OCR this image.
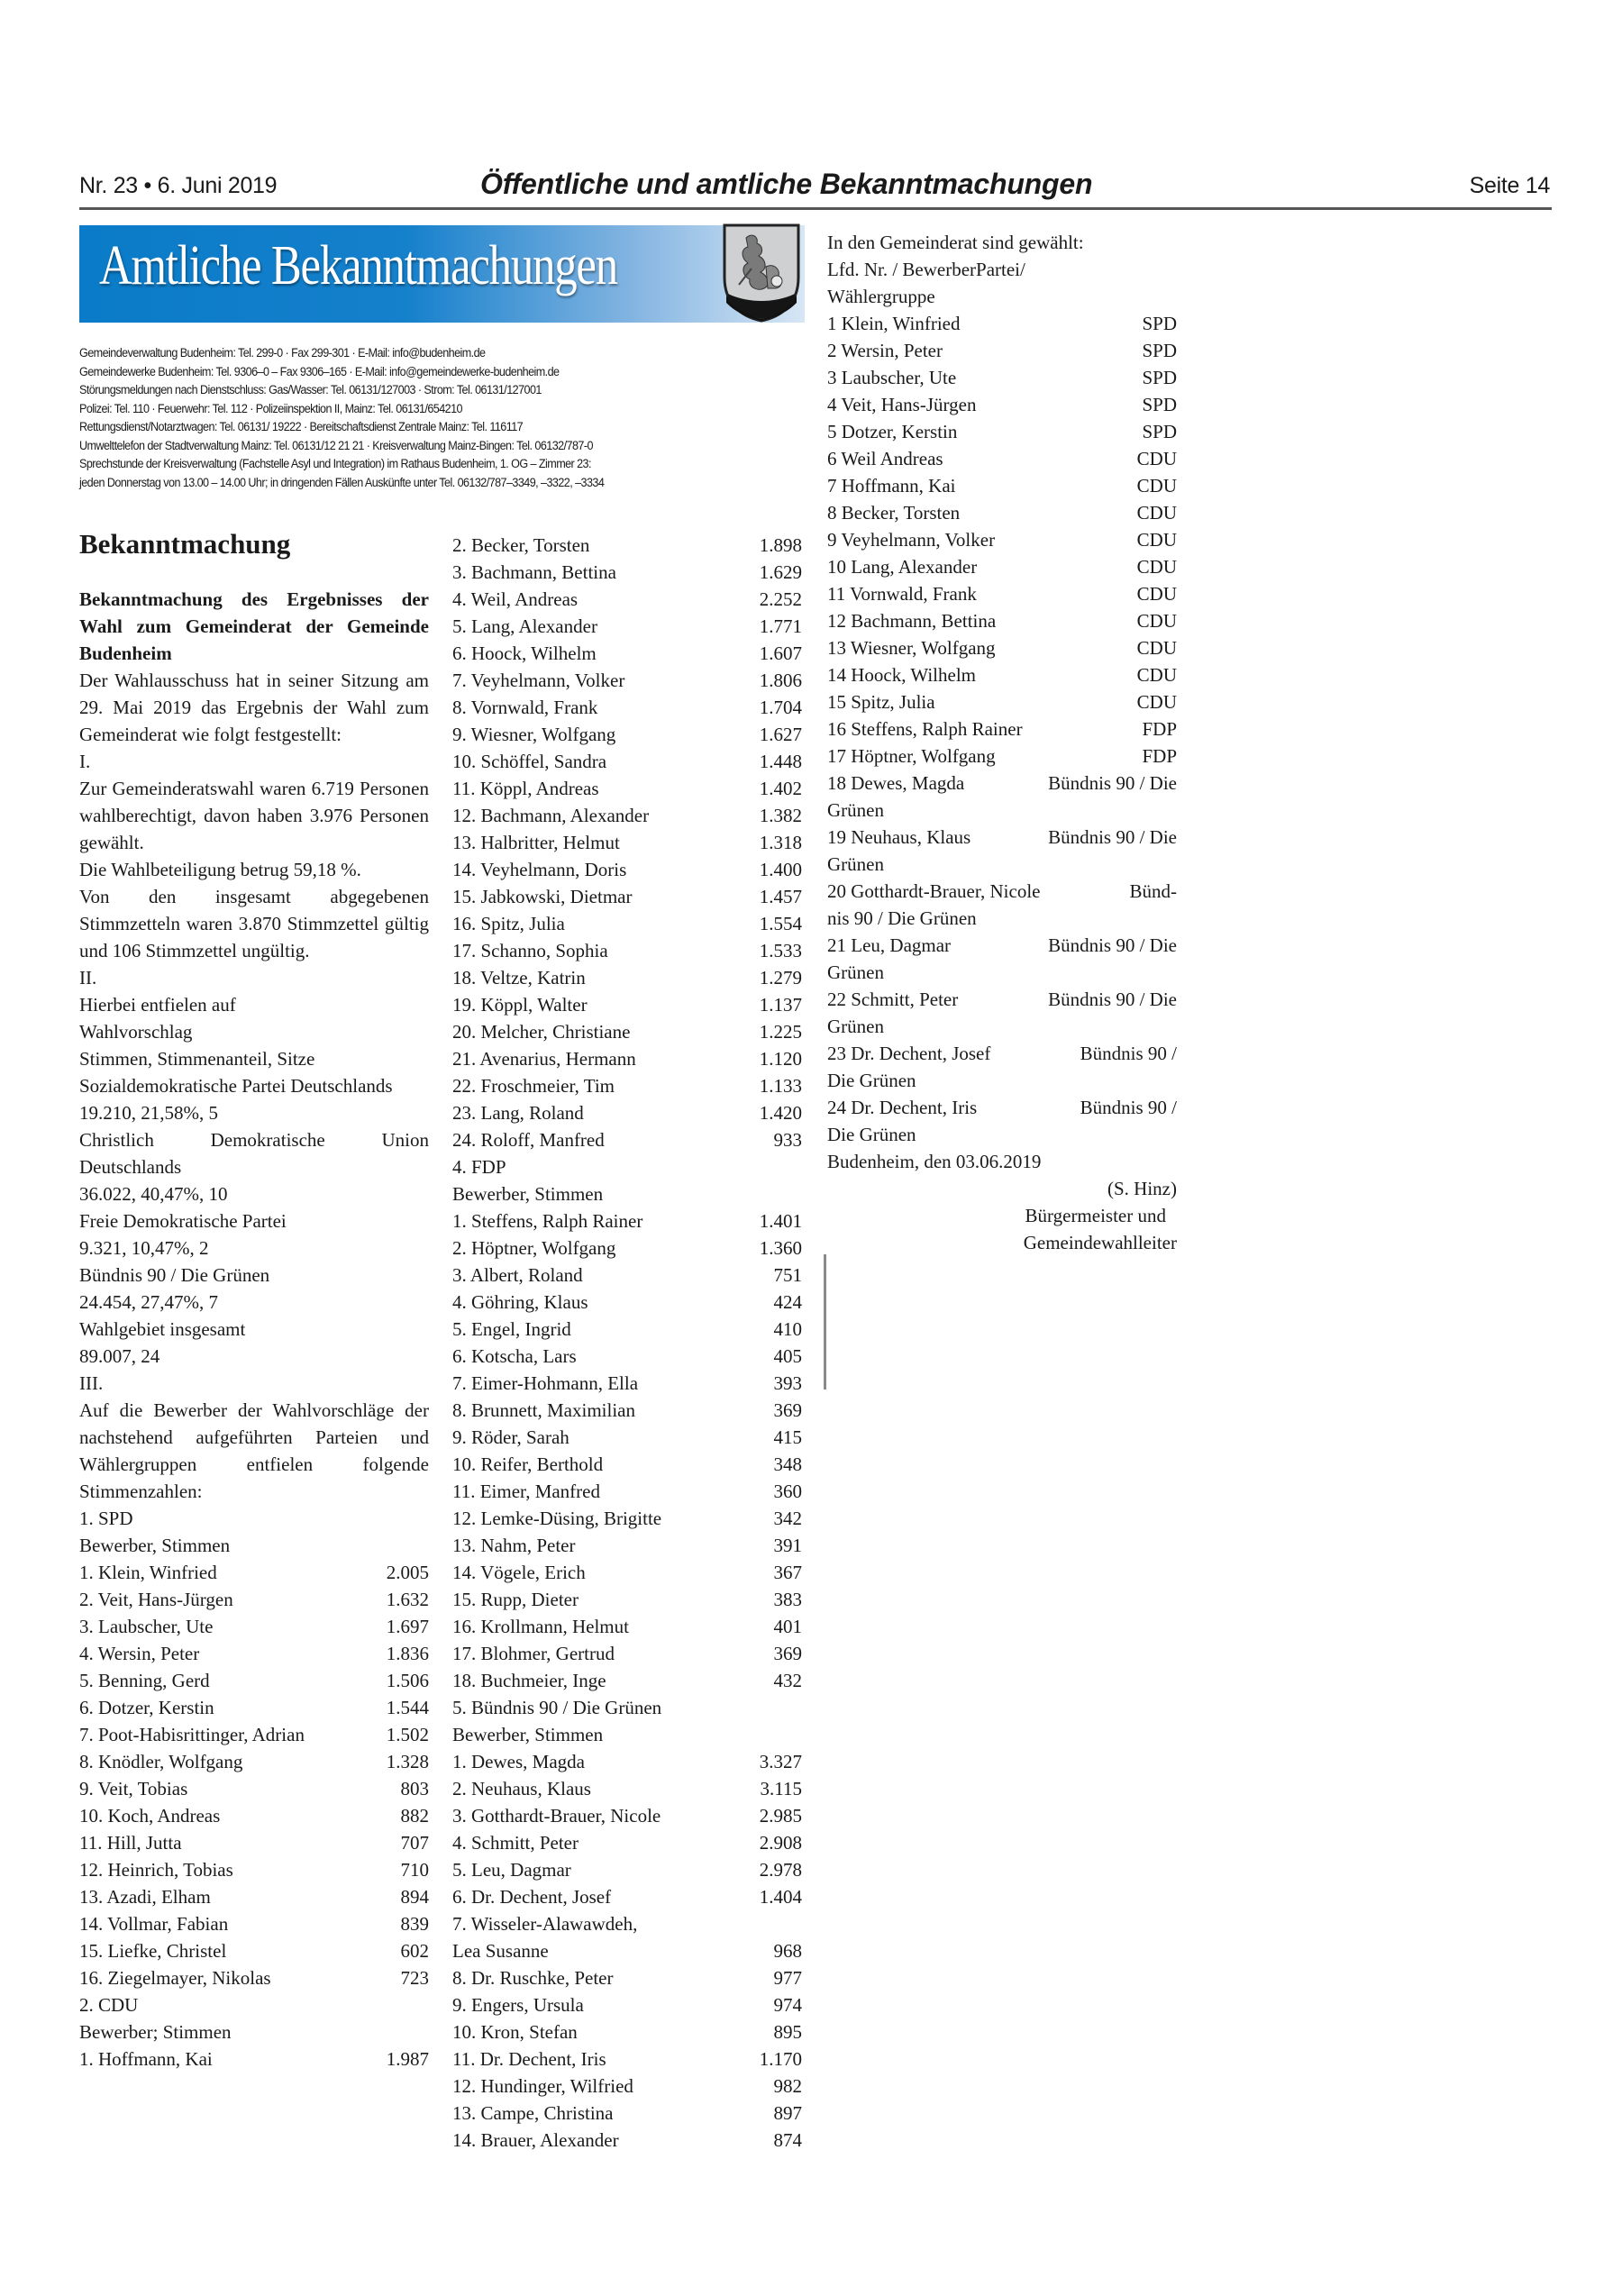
Nr. 23 • 6. Juni 2019	Öffentliche und amtliche Bekanntmachungen	Seite 14
Amtliche Bekanntmachungen
Gemeindeverwaltung Budenheim: Tel. 299-0 · Fax 299-301 · E-Mail: info@budenheim.de
Gemeindewerke Budenheim: Tel. 9306–0 – Fax 9306–165 · E-Mail: info@gemeindewerke-budenheim.de
Störungsmeldungen nach Dienstschluss: Gas/Wasser: Tel. 06131/127003 · Strom: Tel. 06131/127001
Polizei: Tel. 110 · Feuerwehr: Tel. 112 · Polizeiinspektion II, Mainz: Tel. 06131/654210
Rettungsdienst/Notarztwagen: Tel. 06131/ 19222 · Bereitschaftsdienst Zentrale Mainz: Tel. 116117
Umwelttelefon der Stadtverwaltung Mainz: Tel. 06131/12 21 21 · Kreisverwaltung Mainz-Bingen: Tel. 06132/787-0
Sprechstunde der Kreisverwaltung (Fachstelle Asyl und Integration) im Rathaus Budenheim, 1. OG – Zimmer 23:
jeden Donnerstag von 13.00 – 14.00 Uhr; in dringenden Fällen Auskünfte unter Tel. 06132/787–3349, –3322, –3334
Bekanntmachung
Bekanntmachung des Ergebnisses der Wahl zum Gemeinderat der Gemeinde Budenheim
Der Wahlausschuss hat in seiner Sitzung am 29. Mai 2019 das Ergebnis der Wahl zum Gemeinderat wie folgt festgestellt:
I.
Zur Gemeinderatswahl waren 6.719 Personen wahlberechtigt, davon haben 3.976 Personen gewählt.
Die Wahlbeteiligung betrug 59,18 %.
Von den insgesamt abgegebenen Stimmzetteln waren 3.870 Stimmzettel gültig und 106 Stimmzettel ungültig.
II.
Hierbei entfielen auf
Wahlvorschlag
Stimmen, Stimmenanteil, Sitze
Sozialdemokratische Partei Deutschlands
19.210, 21,58%, 5
Christlich Demokratische Union Deutschlands
36.022, 40,47%, 10
Freie Demokratische Partei
9.321, 10,47%, 2
Bündnis 90 / Die Grünen
24.454, 27,47%, 7
Wahlgebiet insgesamt
89.007, 24
III.
Auf die Bewerber der Wahlvorschläge der nachstehend aufgeführten Parteien und Wählergruppen entfielen folgende Stimmenzahlen:
1. SPD
Bewerber, Stimmen
1. Klein, Winfried	2.005
2. Veit, Hans-Jürgen	1.632
3. Laubscher, Ute	1.697
4. Wersin, Peter	1.836
5. Benning, Gerd	1.506
6. Dotzer, Kerstin	1.544
7. Poot-Habisrittinger, Adrian	1.502
8. Knödler, Wolfgang	1.328
9. Veit, Tobias	803
10. Koch, Andreas	882
11. Hill, Jutta	707
12. Heinrich, Tobias	710
13. Azadi, Elham	894
14. Vollmar, Fabian	839
15. Liefke, Christel	602
16. Ziegelmayer, Nikolas	723
2. CDU
Bewerber; Stimmen
1. Hoffmann, Kai	1.987
2. Becker, Torsten	1.898
3. Bachmann, Bettina	1.629
4. Weil, Andreas	2.252
5. Lang, Alexander	1.771
6. Hoock, Wilhelm	1.607
7. Veyhelmann, Volker	1.806
8. Vornwald, Frank	1.704
9. Wiesner, Wolfgang	1.627
10. Schöffel, Sandra	1.448
11. Köppl, Andreas	1.402
12. Bachmann, Alexander	1.382
13. Halbritter, Helmut	1.318
14. Veyhelmann, Doris	1.400
15. Jabkowski, Dietmar	1.457
16. Spitz, Julia	1.554
17. Schanno, Sophia	1.533
18. Veltze, Katrin	1.279
19. Köppl, Walter	1.137
20. Melcher, Christiane	1.225
21. Avenarius, Hermann	1.120
22. Froschmeier, Tim	1.133
23. Lang, Roland	1.420
24. Roloff, Manfred	933
4. FDP
Bewerber, Stimmen
1. Steffens, Ralph Rainer	1.401
2. Höptner, Wolfgang	1.360
3. Albert, Roland	751
4. Göhring, Klaus	424
5. Engel, Ingrid	410
6. Kotscha, Lars	405
7. Eimer-Hohmann, Ella	393
8. Brunnett, Maximilian	369
9. Röder, Sarah	415
10. Reifer, Berthold	348
11. Eimer, Manfred	360
12. Lemke-Düsing, Brigitte	342
13. Nahm, Peter	391
14. Vögele, Erich	367
15. Rupp, Dieter	383
16. Krollmann, Helmut	401
17. Blohmer, Gertrud	369
18. Buchmeier, Inge	432
5. Bündnis 90 / Die Grünen
Bewerber, Stimmen
1. Dewes, Magda	3.327
2. Neuhaus, Klaus	3.115
3. Gotthardt-Brauer, Nicole	2.985
4. Schmitt, Peter	2.908
5. Leu, Dagmar	2.978
6. Dr. Dechent, Josef	1.404
7. Wisseler-Alawawdeh,
Lea Susanne	968
8. Dr. Ruschke, Peter	977
9. Engers, Ursula	974
10. Kron, Stefan	895
11. Dr. Dechent, Iris	1.170
12. Hundinger, Wilfried	982
13. Campe, Christina	897
14. Brauer, Alexander	874
In den Gemeinderat sind gewählt:
Lfd. Nr. / BewerberPartei/
Wählergruppe
1 Klein, Winfried	SPD
2 Wersin, Peter	SPD
3 Laubscher, Ute	SPD
4 Veit, Hans-Jürgen	SPD
5 Dotzer, Kerstin	SPD
6 Weil Andreas	CDU
7 Hoffmann, Kai	CDU
8 Becker, Torsten	CDU
9 Veyhelmann, Volker	CDU
10 Lang, Alexander	CDU
11 Vornwald, Frank	CDU
12 Bachmann, Bettina	CDU
13 Wiesner, Wolfgang	CDU
14 Hoock, Wilhelm	CDU
15 Spitz, Julia	CDU
16 Steffens, Ralph Rainer	FDP
17 Höptner, Wolfgang	FDP
18 Dewes, Magda	Bündnis 90 / Die
Grünen
19 Neuhaus, Klaus	Bündnis 90 / Die
Grünen
20 Gotthardt-Brauer, Nicole	Bünd-
nis 90 / Die Grünen
21 Leu, Dagmar	Bündnis 90 / Die
Grünen
22 Schmitt, Peter	Bündnis 90 / Die
Grünen
23 Dr. Dechent, Josef	Bündnis 90 /
Die Grünen
24 Dr. Dechent, Iris	Bündnis 90 /
Die Grünen
Budenheim, den 03.06.2019
(S. Hinz)
Bürgermeister und
Gemeindewahlleiter
